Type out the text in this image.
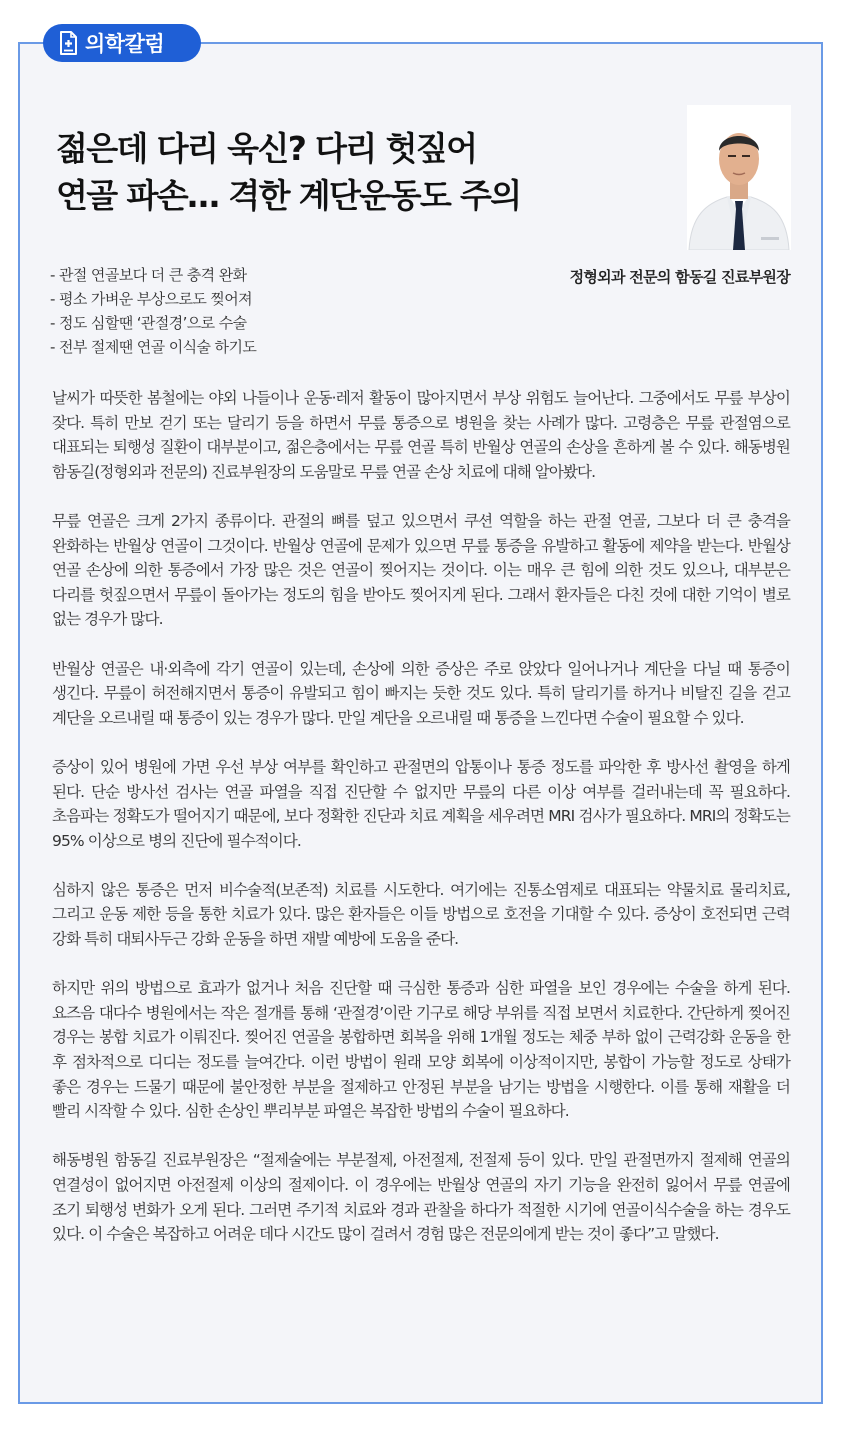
의학칼럼
젊은데 다리 욱신? 다리 헛짚어
연골 파손… 격한 계단운동도 주의
정형외과 전문의 함동길 진료부원장
- 관절 연골보다 더 큰 충격 완화
- 평소 가벼운 부상으로도 찢어져
- 정도 심할땐 ‘관절경’으로 수술
- 전부 절제땐 연골 이식술 하기도

날씨가 따뜻한 봄철에는 야외 나들이나 운동·레저 활동이 많아지면서 부상 위험도 늘어난다. 그중에서도 무릎 부상이 잦다. 특히 만보 걷기 또는 달리기 등을 하면서 무릎 통증으로 병원을 찾는 사례가 많다. 고령층은 무릎 관절염으로 대표되는 퇴행성 질환이 대부분이고, 젊은층에서는 무릎 연골 특히 반월상 연골의 손상을 흔하게 볼 수 있다. 해동병원 함동길(정형외과 전문의) 진료부원장의 도움말로 무릎 연골 손상 치료에 대해 알아봤다.

무릎 연골은 크게 2가지 종류이다. 관절의 뼈를 덮고 있으면서 쿠션 역할을 하는 관절 연골, 그보다 더 큰 충격을 완화하는 반월상 연골이 그것이다. 반월상 연골에 문제가 있으면 무릎 통증을 유발하고 활동에 제약을 받는다. 반월상 연골 손상에 의한 통증에서 가장 많은 것은 연골이 찢어지는 것이다. 이는 매우 큰 힘에 의한 것도 있으나, 대부분은 다리를 헛짚으면서 무릎이 돌아가는 정도의 힘을 받아도 찢어지게 된다. 그래서 환자들은 다친 것에 대한 기억이 별로 없는 경우가 많다.

반월상 연골은 내·외측에 각기 연골이 있는데, 손상에 의한 증상은 주로 앉았다 일어나거나 계단을 다닐 때 통증이 생긴다. 무릎이 허전해지면서 통증이 유발되고 힘이 빠지는 듯한 것도 있다. 특히 달리기를 하거나 비탈진 길을 걷고 계단을 오르내릴 때 통증이 있는 경우가 많다. 만일 계단을 오르내릴 때 통증을 느낀다면 수술이 필요할 수 있다.

증상이 있어 병원에 가면 우선 부상 여부를 확인하고 관절면의 압통이나 통증 정도를 파악한 후 방사선 촬영을 하게 된다. 단순 방사선 검사는 연골 파열을 직접 진단할 수 없지만 무릎의 다른 이상 여부를 걸러내는데 꼭 필요하다. 초음파는 정확도가 떨어지기 때문에, 보다 정확한 진단과 치료 계획을 세우려면 MRI 검사가 필요하다. MRI의 정확도는 95% 이상으로 병의 진단에 필수적이다.

심하지 않은 통증은 먼저 비수술적(보존적) 치료를 시도한다. 여기에는 진통소염제로 대표되는 약물치료 물리치료, 그리고 운동 제한 등을 통한 치료가 있다. 많은 환자들은 이들 방법으로 호전을 기대할 수 있다. 증상이 호전되면 근력 강화 특히 대퇴사두근 강화 운동을 하면 재발 예방에 도움을 준다.

하지만 위의 방법으로 효과가 없거나 처음 진단할 때 극심한 통증과 심한 파열을 보인 경우에는 수술을 하게 된다. 요즈음 대다수 병원에서는 작은 절개를 통해 ‘관절경’이란 기구로 해당 부위를 직접 보면서 치료한다. 간단하게 찢어진 경우는 봉합 치료가 이뤄진다. 찢어진 연골을 봉합하면 회복을 위해 1개월 정도는 체중 부하 없이 근력강화 운동을 한 후 점차적으로 디디는 정도를 늘여간다. 이런 방법이 원래 모양 회복에 이상적이지만, 봉합이 가능할 정도로 상태가 좋은 경우는 드물기 때문에 불안정한 부분을 절제하고 안정된 부분을 남기는 방법을 시행한다. 이를 통해 재활을 더 빨리 시작할 수 있다. 심한 손상인 뿌리부분 파열은 복잡한 방법의 수술이 필요하다.

해동병원 함동길 진료부원장은 “절제술에는 부분절제, 아전절제, 전절제 등이 있다. 만일 관절면까지 절제해 연골의 연결성이 없어지면 아전절제 이상의 절제이다. 이 경우에는 반월상 연골의 자기 기능을 완전히 잃어서 무릎 연골에 조기 퇴행성 변화가 오게 된다. 그러면 주기적 치료와 경과 관찰을 하다가 적절한 시기에 연골이식수술을 하는 경우도 있다. 이 수술은 복잡하고 어려운 데다 시간도 많이 걸려서 경험 많은 전문의에게 받는 것이 좋다”고 말했다.
